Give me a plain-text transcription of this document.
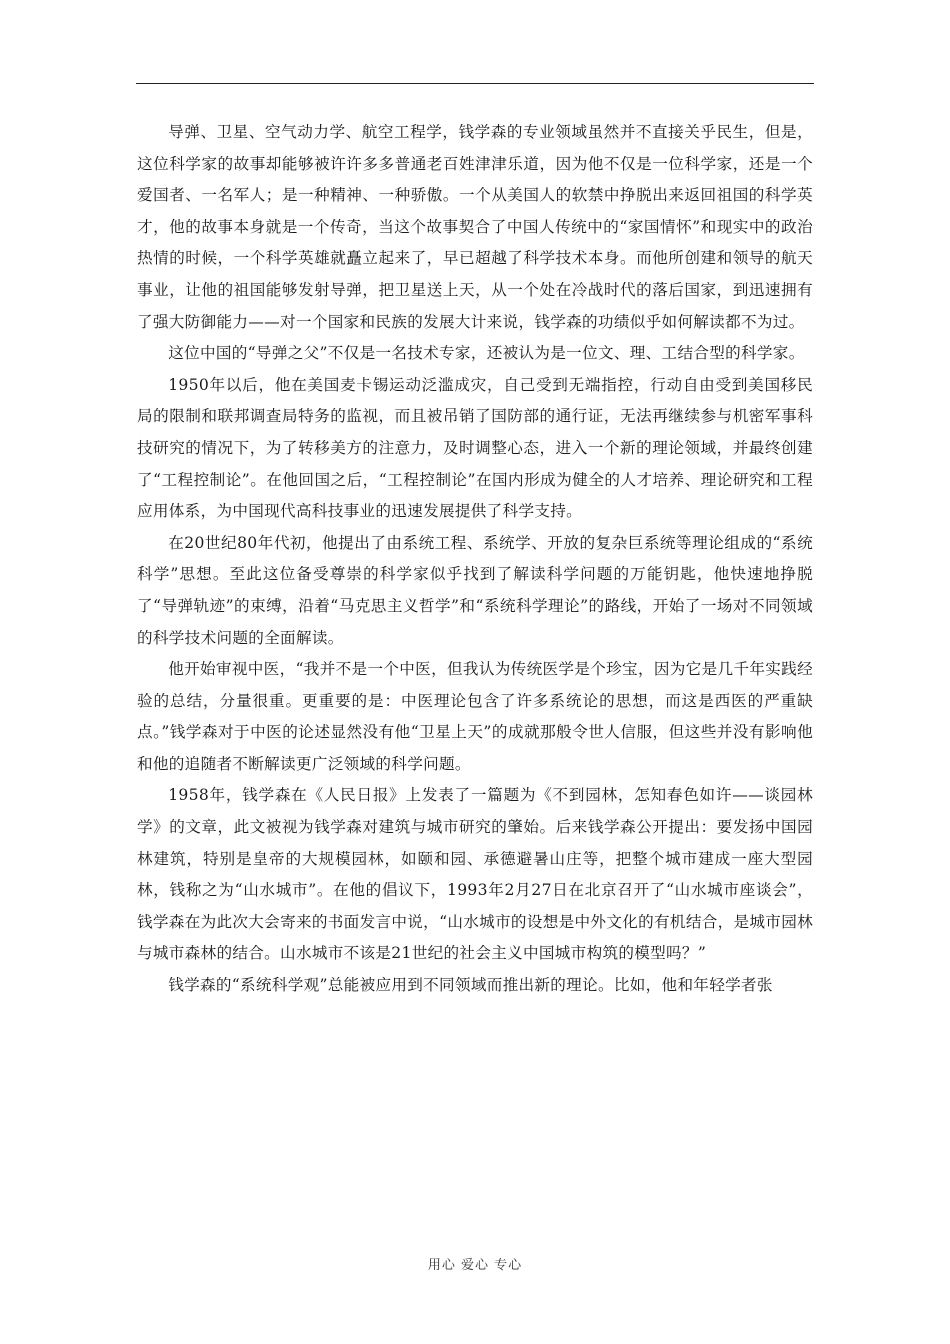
导弹、卫星、空气动力学、航空工程学，钱学森的专业领域虽然并不直接关乎民生，但是，这位科学家的故事却能够被许许多多普通老百姓津津乐道，因为他不仅是一位科学家，还是一个爱国者、一名军人；是一种精神、一种骄傲。一个从美国人的软禁中挣脱出来返回祖国的科学英才，他的故事本身就是一个传奇，当这个故事契合了中国人传统中的“家国情怀”和现实中的政治热情的时候，一个科学英雄就矗立起来了，早已超越了科学技术本身。而他所创建和领导的航天事业，让他的祖国能够发射导弹，把卫星送上天，从一个处在冷战时代的落后国家，到迅速拥有了强大防御能力——对一个国家和民族的发展大计来说，钱学森的功绩似乎如何解读都不为过。

这位中国的“导弹之父”不仅是一名技术专家，还被认为是一位文、理、工结合型的科学家。

1950年以后，他在美国麦卡锡运动泛滥成灾，自己受到无端指控，行动自由受到美国移民局的限制和联邦调查局特务的监视，而且被吊销了国防部的通行证，无法再继续参与机密军事科技研究的情况下，为了转移美方的注意力，及时调整心态，进入一个新的理论领域，并最终创建了“工程控制论”。在他回国之后，“工程控制论”在国内形成为健全的人才培养、理论研究和工程应用体系，为中国现代高科技事业的迅速发展提供了科学支持。

在20世纪80年代初，他提出了由系统工程、系统学、开放的复杂巨系统等理论组成的“系统科学”思想。至此这位备受尊崇的科学家似乎找到了解读科学问题的万能钥匙，他快速地挣脱了“导弹轨迹”的束缚，沿着“马克思主义哲学”和“系统科学理论”的路线，开始了一场对不同领域的科学技术问题的全面解读。

他开始审视中医，“我并不是一个中医，但我认为传统医学是个珍宝，因为它是几千年实践经验的总结，分量很重。更重要的是：中医理论包含了许多系统论的思想，而这是西医的严重缺点。”钱学森对于中医的论述显然没有他“卫星上天”的成就那般令世人信服，但这些并没有影响他和他的追随者不断解读更广泛领域的科学问题。

1958年，钱学森在《人民日报》上发表了一篇题为《不到园林，怎知春色如许——谈园林学》的文章，此文被视为钱学森对建筑与城市研究的肇始。后来钱学森公开提出：要发扬中国园林建筑，特别是皇帝的大规模园林，如颐和园、承德避暑山庄等，把整个城市建成一座大型园林，钱称之为“山水城市”。在他的倡议下，1993年2月27日在北京召开了“山水城市座谈会”，钱学森在为此次大会寄来的书面发言中说，“山水城市的设想是中外文化的有机结合，是城市园林与城市森林的结合。山水城市不该是21世纪的社会主义中国城市构筑的模型吗？”

钱学森的“系统科学观”总能被应用到不同领域而推出新的理论。比如，他和年轻学者张

用心 爱心 专心
